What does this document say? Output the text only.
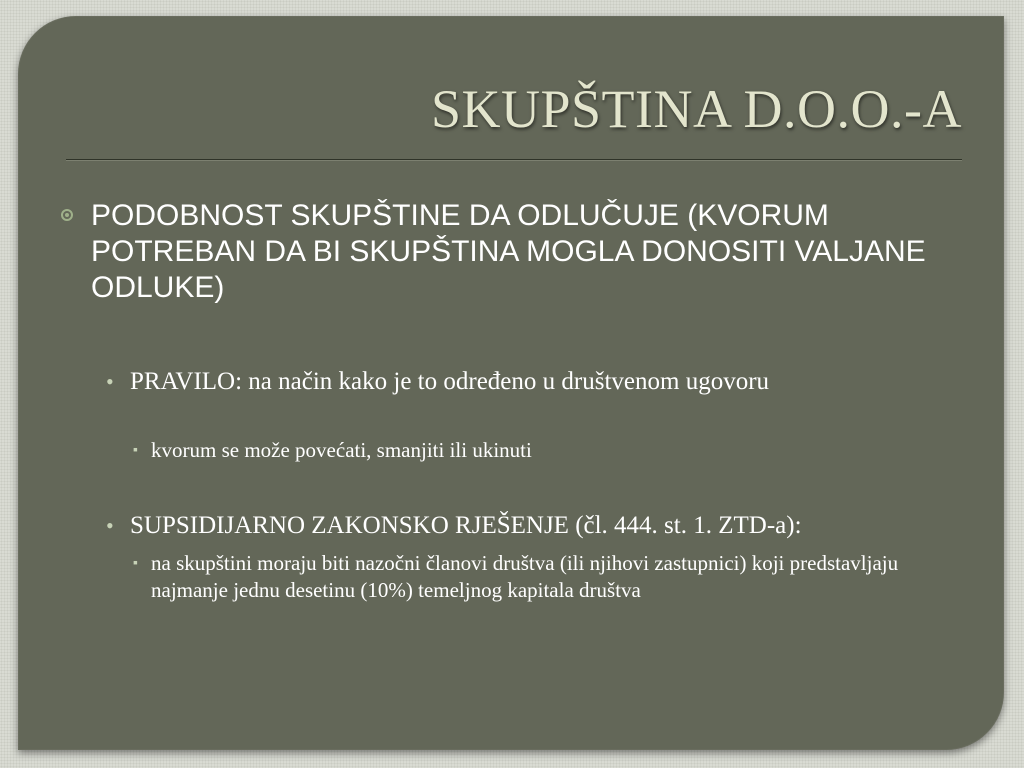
SKUPŠTINA D.O.O.-A
PODOBNOST SKUPŠTINE DA ODLUČUJE (KVORUM POTREBAN DA BI SKUPŠTINA MOGLA DONOSITI VALJANE ODLUKE)
• PRAVILO: na način kako je to određeno u društvenom ugovoru
▪ kvorum se može povećati, smanjiti ili ukinuti
• SUPSIDIJARNO ZAKONSKO RJEŠENJE (čl. 444. st. 1. ZTD-a):
▪ na skupštini moraju biti nazočni članovi društva (ili njihovi zastupnici) koji predstavljaju najmanje jednu desetinu (10%) temeljnog kapitala društva
